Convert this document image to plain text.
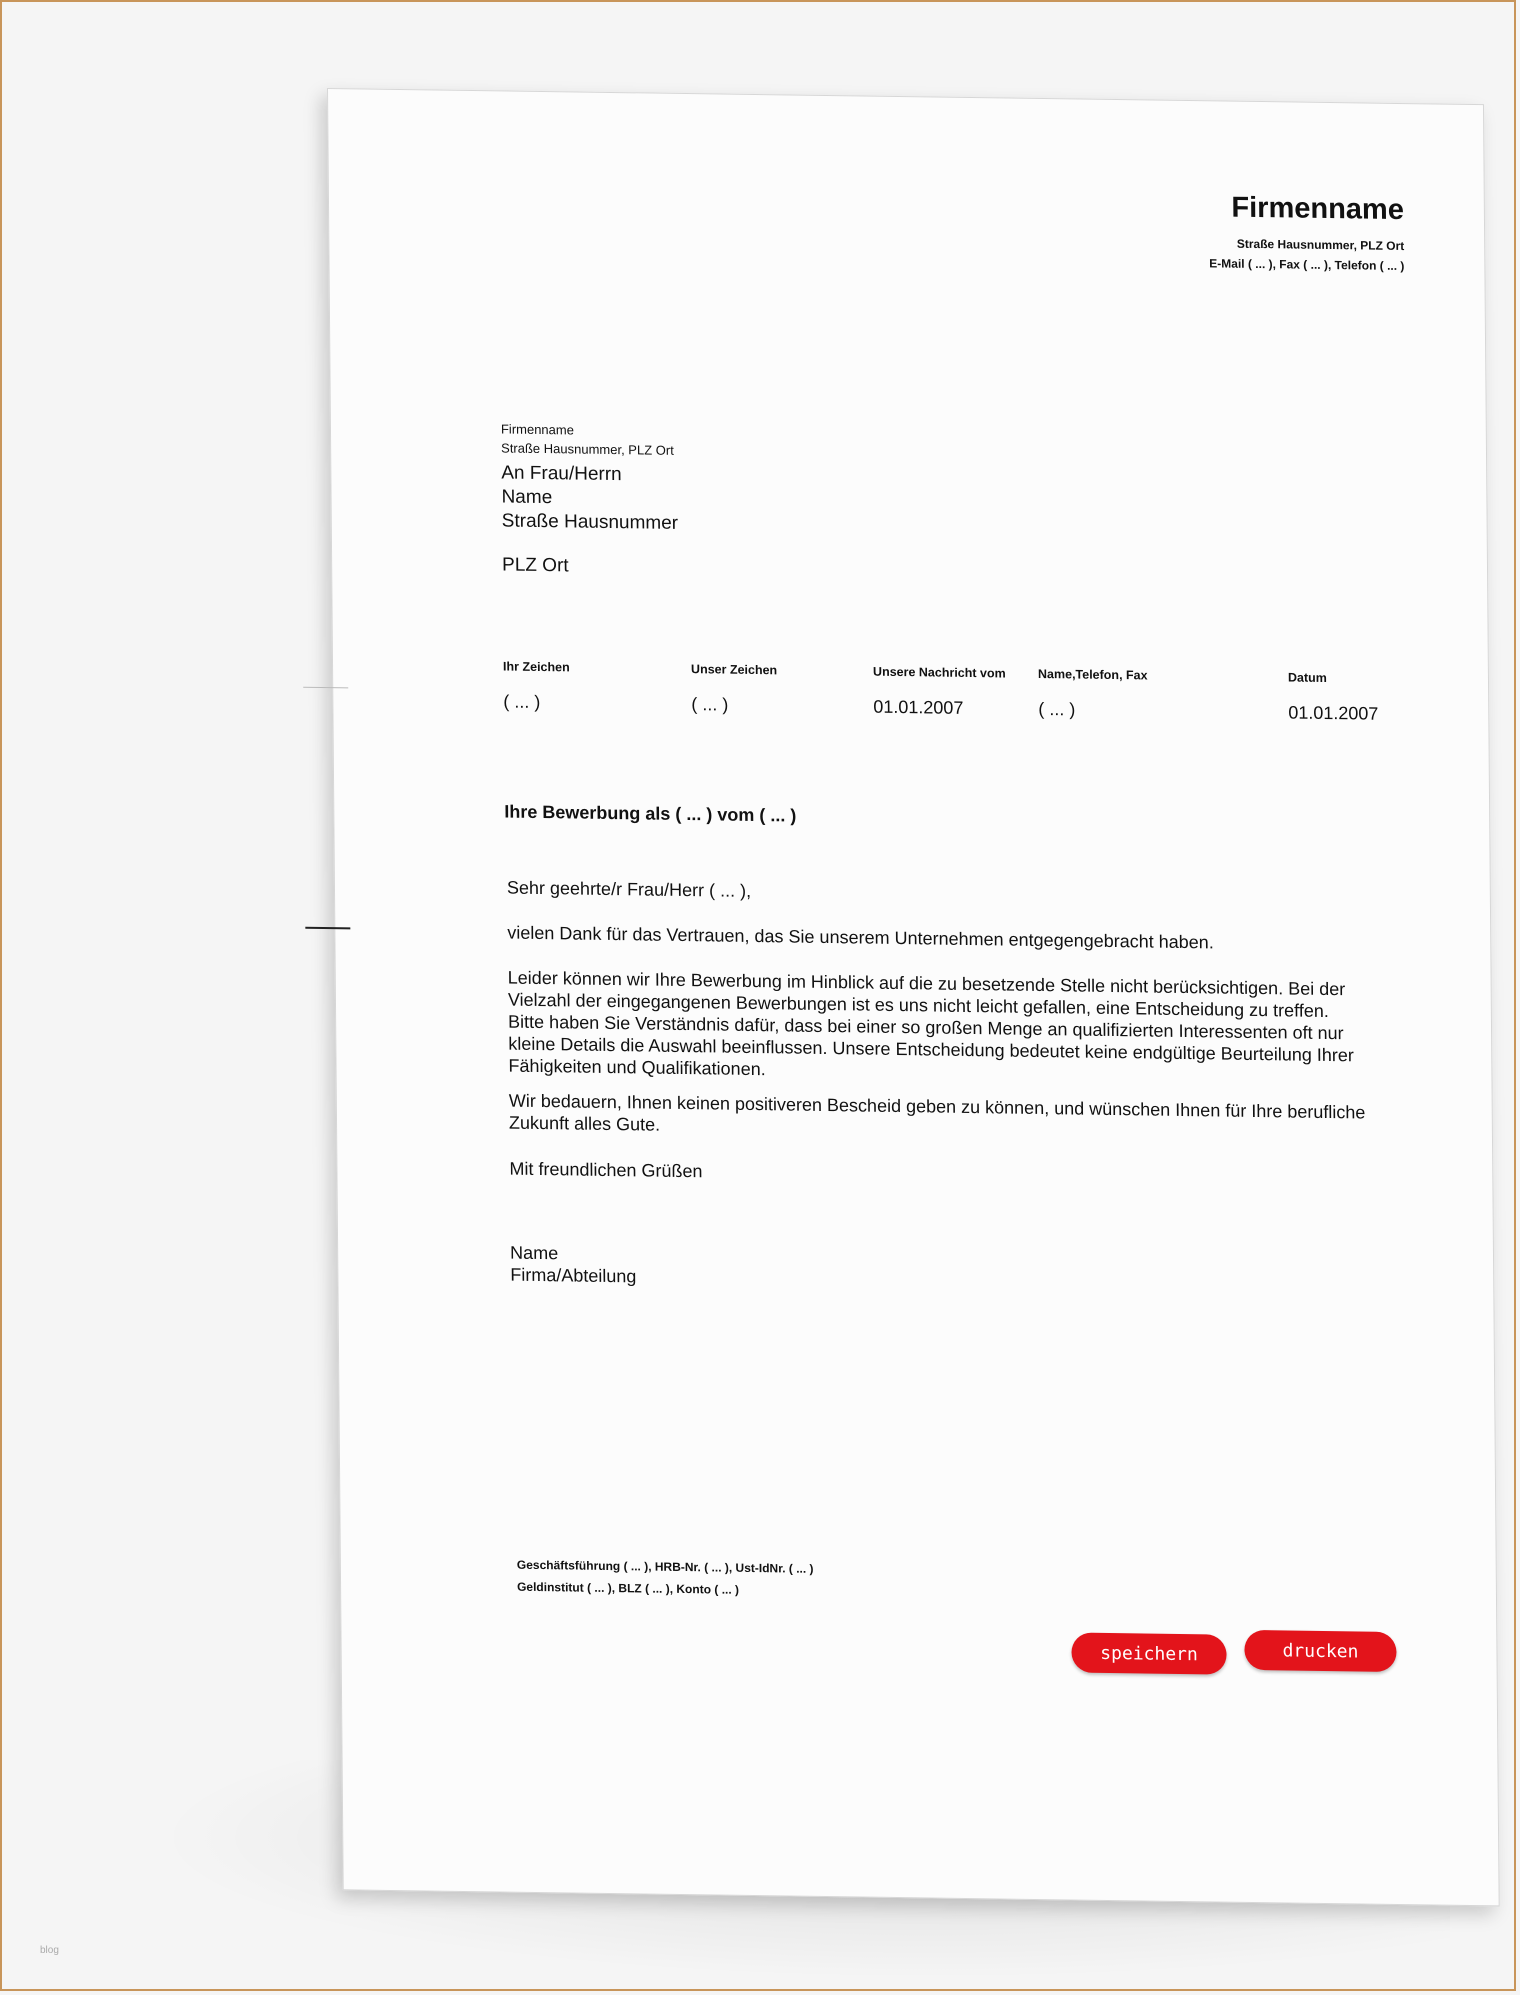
Firmenname
Straße Hausnummer, PLZ Ort
E-Mail ( ... ), Fax ( ... ), Telefon ( ... )
Firmenname
Straße Hausnummer, PLZ Ort
An Frau/Herrn
Name
Straße Hausnummer
PLZ Ort
Ihr Zeichen
( ... )
Unser Zeichen
( ... )
Unsere Nachricht vom
01.01.2007
Name,Telefon, Fax
( ... )
Datum
01.01.2007
Ihre Bewerbung als ( ... ) vom ( ... )
Sehr geehrte/r Frau/Herr ( ... ),
vielen Dank für das Vertrauen, das Sie unserem Unternehmen entgegengebracht haben.
Leider können wir Ihre Bewerbung im Hinblick auf die zu besetzende Stelle nicht berücksichtigen. Bei der Vielzahl der eingegangenen Bewerbungen ist es uns nicht leicht gefallen, eine Entscheidung zu treffen. Bitte haben Sie Verständnis dafür, dass bei einer so großen Menge an qualifizierten Interessenten oft nur kleine Details die Auswahl beeinflussen. Unsere Entscheidung bedeutet keine endgültige Beurteilung Ihrer Fähigkeiten und Qualifikationen.
Wir bedauern, Ihnen keinen positiveren Bescheid geben zu können, und wünschen Ihnen für Ihre berufliche Zukunft alles Gute.
Mit freundlichen Grüßen
Name
Firma/Abteilung
Geschäftsführung ( ... ), HRB-Nr. ( ... ), Ust-IdNr. ( ... )
Geldinstitut ( ... ), BLZ ( ... ), Konto ( ... )
speichern	drucken
blog
